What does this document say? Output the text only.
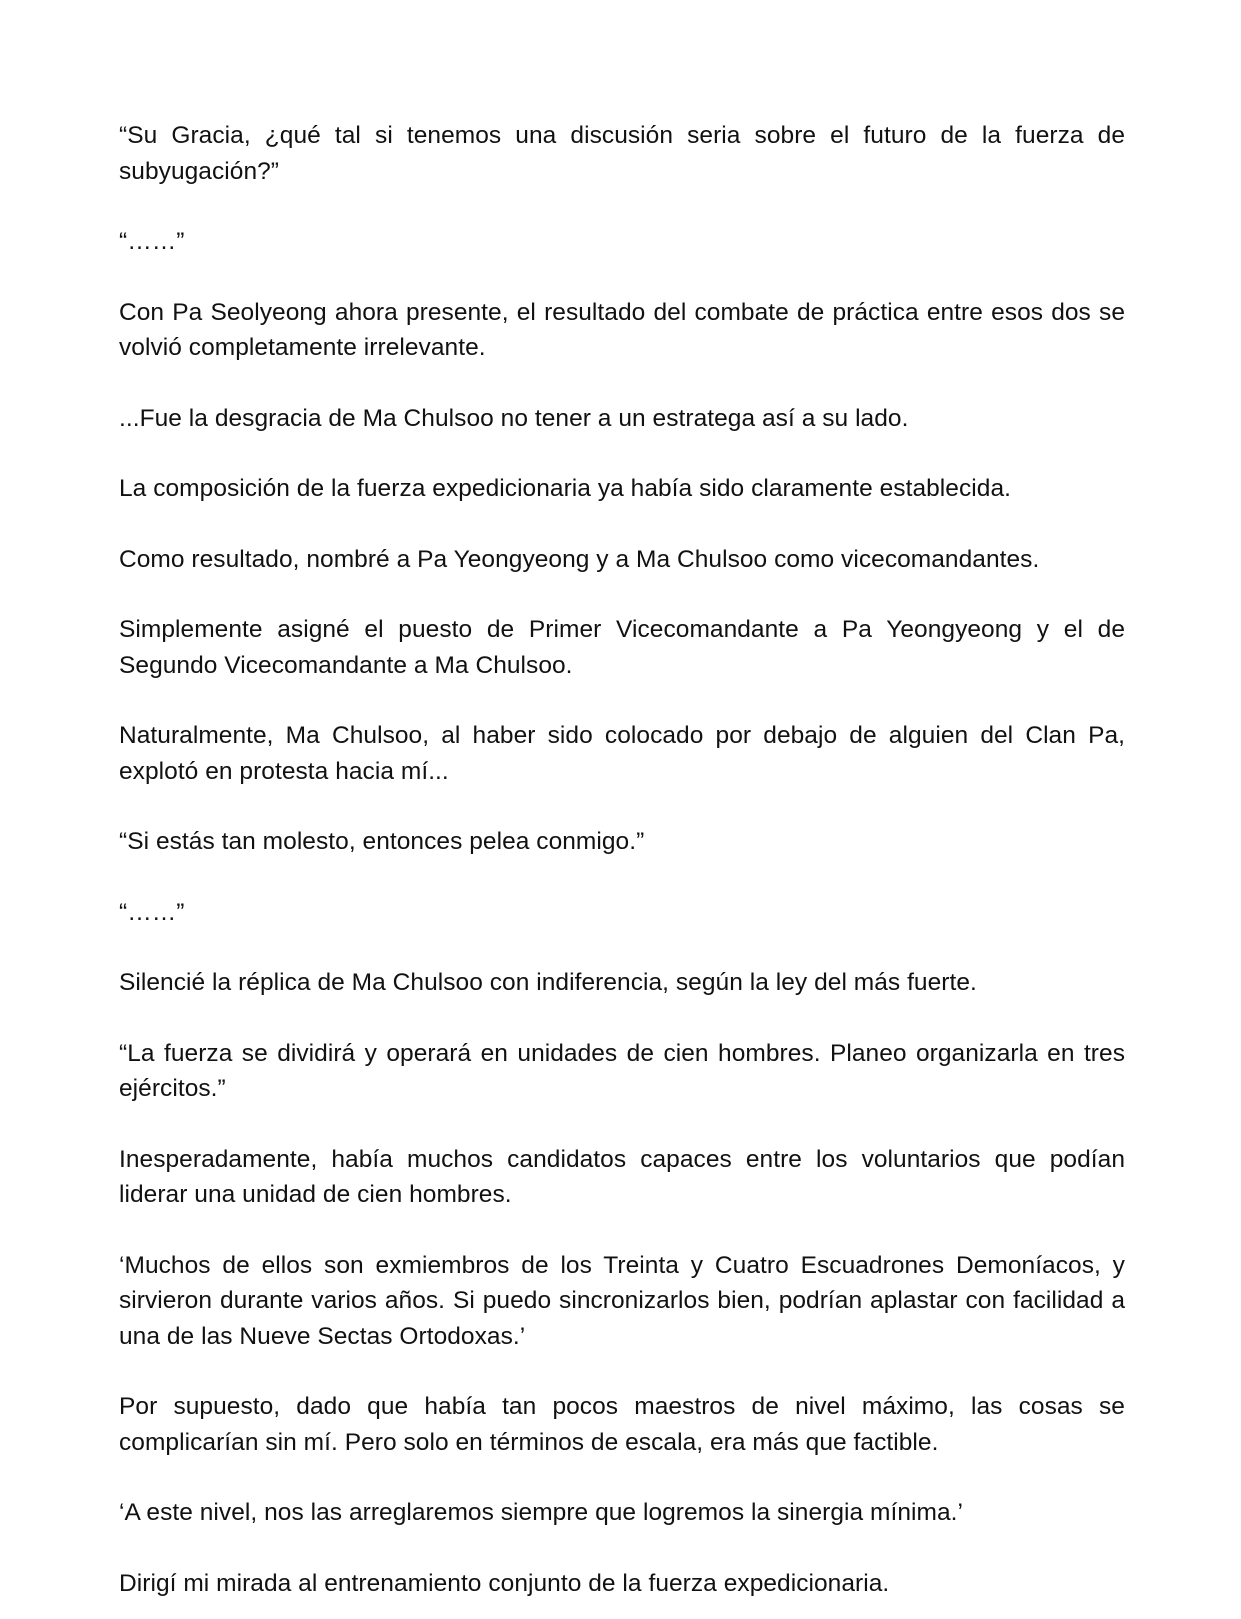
“Su Gracia, ¿qué tal si tenemos una discusión seria sobre el futuro de la fuerza de subyugación?”

“……”

Con Pa Seolyeong ahora presente, el resultado del combate de práctica entre esos dos se volvió completamente irrelevante.

...Fue la desgracia de Ma Chulsoo no tener a un estratega así a su lado.

La composición de la fuerza expedicionaria ya había sido claramente establecida.

Como resultado, nombré a Pa Yeongyeong y a Ma Chulsoo como vicecomandantes.

Simplemente asigné el puesto de Primer Vicecomandante a Pa Yeongyeong y el de Segundo Vicecomandante a Ma Chulsoo.

Naturalmente, Ma Chulsoo, al haber sido colocado por debajo de alguien del Clan Pa, explotó en protesta hacia mí...

“Si estás tan molesto, entonces pelea conmigo.”

“……”

Silencié la réplica de Ma Chulsoo con indiferencia, según la ley del más fuerte.

“La fuerza se dividirá y operará en unidades de cien hombres. Planeo organizarla en tres ejércitos.”

Inesperadamente, había muchos candidatos capaces entre los voluntarios que podían liderar una unidad de cien hombres.

‘Muchos de ellos son exmiembros de los Treinta y Cuatro Escuadrones Demoníacos, y sirvieron durante varios años. Si puedo sincronizarlos bien, podrían aplastar con facilidad a una de las Nueve Sectas Ortodoxas.’

Por supuesto, dado que había tan pocos maestros de nivel máximo, las cosas se complicarían sin mí. Pero solo en términos de escala, era más que factible.

‘A este nivel, nos las arreglaremos siempre que logremos la sinergia mínima.’

Dirigí mi mirada al entrenamiento conjunto de la fuerza expedicionaria.
